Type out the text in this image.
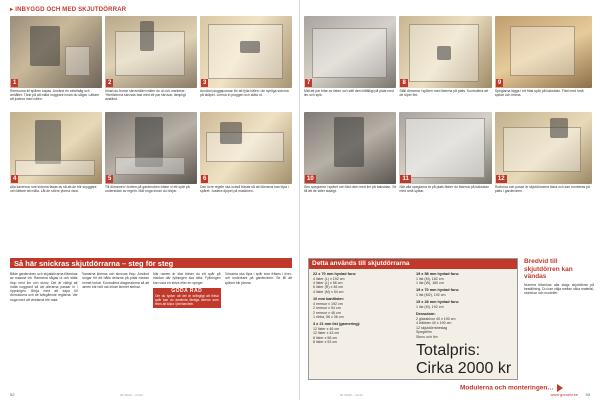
▸ INBYGGD OCH MED SKJUTDÖRRAR
1
Remsorna till spåren kapas. Använd en cirkelsåg och anhållet. Tänk på att mäta noggrant innan du sågar. Lättare att justera med rullen.
2
Innan du borrar skruvhålen mäter du ut och markerar. Ytterlisterna skruvas fast med ett par skruvar, lämpligt avstånd.
3
Använd pluggsponsar för att fylla hålen i de synliga sidorna på skåpet. Limma in pluggen och släta ut.
4
Alla kanterna runt sidorna fasas av så att de blir snyggare och lättare att måla. Låt de större ytorna vara.
5
Till dörramen i botten på garderoben fräser vi ett spår på undersidan av regeln. Mät noga innan du börjar.
6
Den övre regeln ska också fräsas så att dörrarna kan löpa i spåret. Justera djupet på maskinen.
Så här snickras skjutdörrarna – steg för steg
Både garderoben och skjutdörrarna tillverkas av massivt trä. Ramarna sågas ut och sätts ihop med lim och skruv. Det är viktigt att mäta noggrant så att dörrarna passar in i öppningen. Börja med att kapa till dörrsidorna och de tvärgående reglarna. Var noga med att vinklarna blir raka.
Ramarna limmas och skruvas ihop. Använd tvingar för att hålla delarna på plats medan limmet torkar. Kontrollera diagonalerna så att ramen blir helt rak innan limmet stelnar.
När ramen är klar fräser du ett spår på insidan där fyllningen ska sitta. Fyllningen kan vara en skiva eller en spegel.
GODA RÅD
Om du tycker att det är krångligt att fräsa spår kan du använda färdiga skenor som finns att köpa i järnhandeln.
Dörrarna ska löpa i spår som fräses i över- och underkant på garderoben. Se till att spåren blir jämna.
92	00 18-06 – 13:22
7
Mät ett par bitar av listen och sätt dem tillfälligt på plats med lim och spik.
8
Ställ dörrarna i spåren med listerna på plats. Kontrollera att de löper fint.
9
Speglarna läggs i ett fräst spår på baksidan. Fäst med små spikar och limma.
10
Sen speglarna i spåret och fäst dem med lim på baksidan. Se till att de sitter stadigt.
11
När alla speglarna är på plats fäster du listerna på baksidan med små spikar.
12
Ruttorna och pusse är skjutdörrarna klara och kan monteras på plats i garderoben.
Detta används till skjutdörrarna
22 x 70 mm hyvlad furu:
4 lister (L) x 192 cm
4 lister (L) x 56 cm
6 lister (R) x 46 cm
4 lister (M) x 54 cm
10 mm kantlister:
4 remsor x 192 cm
2 remsor x 54 cm
2 remsor x 46 cm
1 ribba, 56 x 36 cm
3 x 21 mm list (garnering):
12 lister x 46 cm
12 lister x 43 cm
8 lister x 56 cm
8 lister x 53 cm
19 x 58 mm hyvlad furu:
1 list (M), 182 cm
1 list (W), 160 cm
19 x 70 mm hyvlad furu:
1 list (M2), 192 cm
19 x 28 mm hyvlad furu:
1 list (M), 192 cm
Dessutom:
2 glasskivor 40 x 190 cm
4 trälister 40 x 190 cm
12 skjutdörrsbeslag
Spegellim
Skruv och lim
Totalpris: Cirka 2000 kr
Bredvid till skjutdörren kan vändas
Numera tillverkas alla slags skjutdörrar på beställning. Du kan välja mellan olika material, storlekar och modeller.
Modulerna och monteringen…
00 18-06 – 13:22	www.gorselv.se 93
